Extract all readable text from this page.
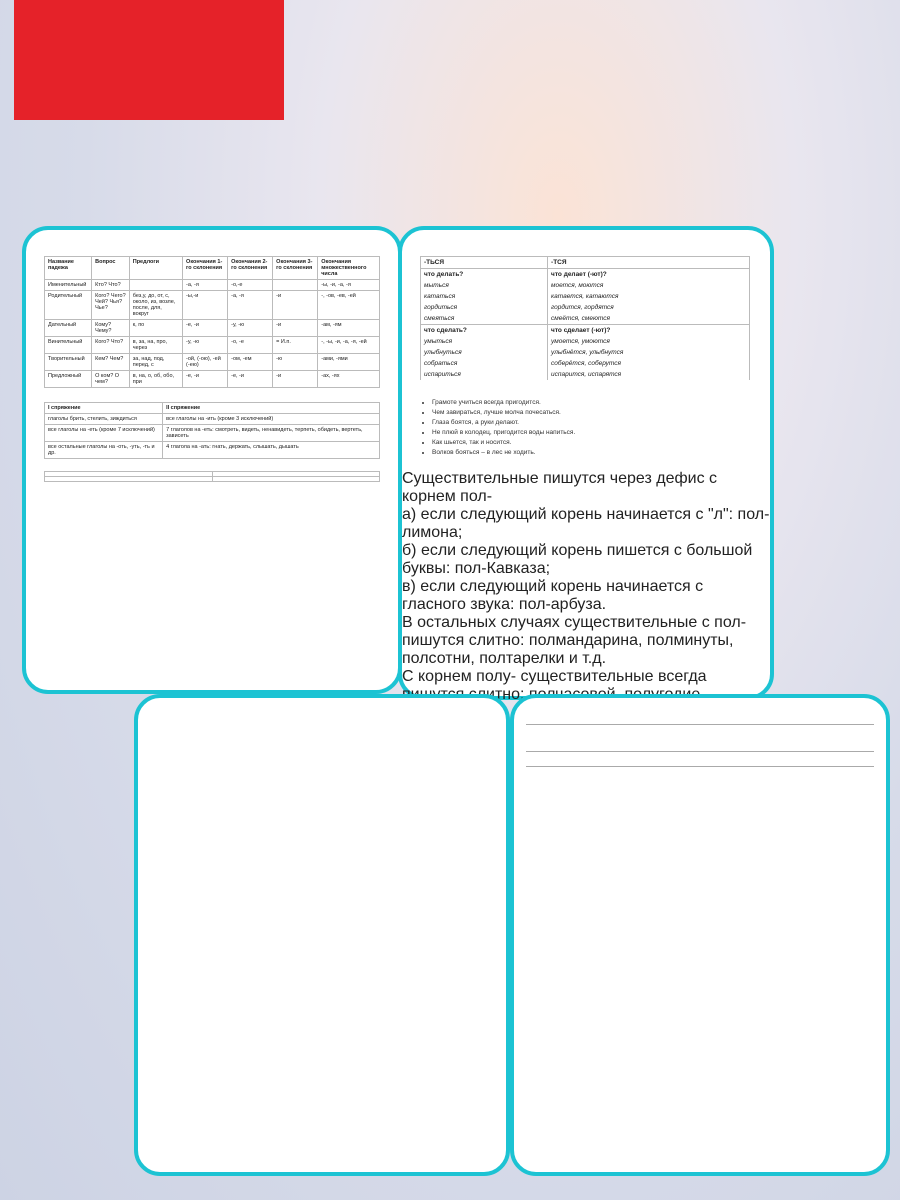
Название падежа	Вопрос	Предлоги	Окончания 1-го склонения	Окончания 2-го склонения	Окончания 3-го склонения	Окончания множественного числа
Именительный	Кто? Что?		-а, -я	-о,-е		-ы, -и, -а, -я
Родительный	Кого? Чего? Чей? Чья? Чье?	без,у, до, от, с, около, из, возле, после, для, вокруг	-ы,-и	-а, -я	-и	-, -ов, -ев, -ей
Дательный	Кому? Чему?	к, по	-е, -и	-у, -ю	-и	-ам, -ям
Винительный	Кого? Что?	в, за, на, про, через	-у, -ю	-о, -е	= И.п.	-, -ы, -и, -а, -я, -ей
Творительный	Кем? Чем?	за, над, под, перед, с	-ой, (-ою), -ей (-ею)	-ом, -ем	-ю	-ами, -ями
Предложный	О ком? О чем?	в, на, о, об, обо, при	-е, -и	-е, -и	-и	-ах, -ях
I спряжение	II спряжение
глаголы брить, стелить, зиждиться	все глаголы на -ить (кроме 3 исключений)
все глаголы на -еть (кроме 7 исключений)	7 глаголов на -еть: смотреть, видеть, ненавидеть, терпеть, обидеть, вертеть, зависеть
все остальные глаголы на -оть, -уть, -ть и др.	4 глагола на -ать: гнать, держать, слышать, дышать

-ТЬСЯ	-ТСЯ
что делать?	что делает (-ют)?
мыться	моется, моются
кататься	катается, катаются
гордиться	гордится, гордятся
смеяться	смеётся, смеются
что сделать?	что сделает (-ют)?
умыться	умоется, умоются
улыбнуться	улыбнётся, улыбнутся
собраться	соберётся, соберутся
испариться	испарится, испарятся
• Грамоте учиться всегда пригодится.
• Чем завираться, лучше молча почесаться.
• Глаза боятся, а руки делают.
• Не плюй в колодец, пригодится воды напиться.
• Как шьется, так и носится.
• Волков бояться – в лес не ходить.
Существительные пишутся через дефис с корнем пол-
а) если следующий корень начинается с "л": пол-лимона;
б) если следующий корень пишется с большой буквы: пол-Кавказа;
в) если следующий корень начинается с гласного звука: пол-арбуза.
В остальных случаях существительные с пол- пишутся слитно: полмандарина, полминуты, полсотни, полтарелки и т.д.
С корнем полу- существительные всегда слитно:
